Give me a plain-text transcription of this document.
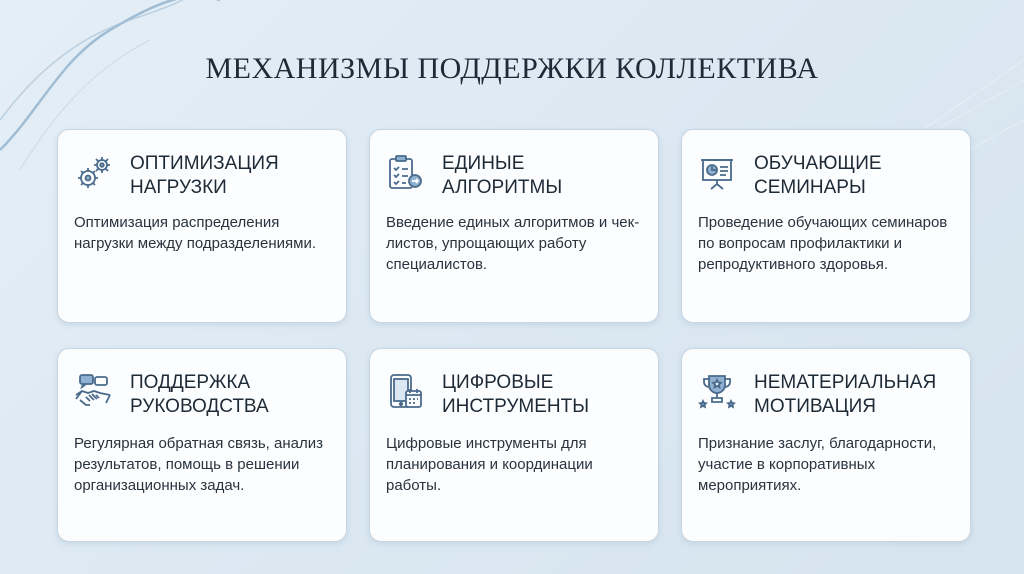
МЕХАНИЗМЫ ПОДДЕРЖКИ КОЛЛЕКТИВА
ОПТИМИЗАЦИЯ
НАГРУЗКИ
Оптимизация распределения нагрузки между подразделениями.
ЕДИНЫЕ
АЛГОРИТМЫ
Введение единых алгоритмов и чек-листов, упрощающих работу специалистов.
ОБУЧАЮЩИЕ
СЕМИНАРЫ
Проведение обучающих семинаров по вопросам профилактики и репродуктивного здоровья.
ПОДДЕРЖКА
РУКОВОДСТВА
Регулярная обратная связь, анализ результатов, помощь в решении организационных задач.
ЦИФРОВЫЕ
ИНСТРУМЕНТЫ
Цифровые инструменты для планирования и координации работы.
НЕМАТЕРИАЛЬНАЯ
МОТИВАЦИЯ
Признание заслуг, благодарности, участие в корпоративных мероприятиях.
